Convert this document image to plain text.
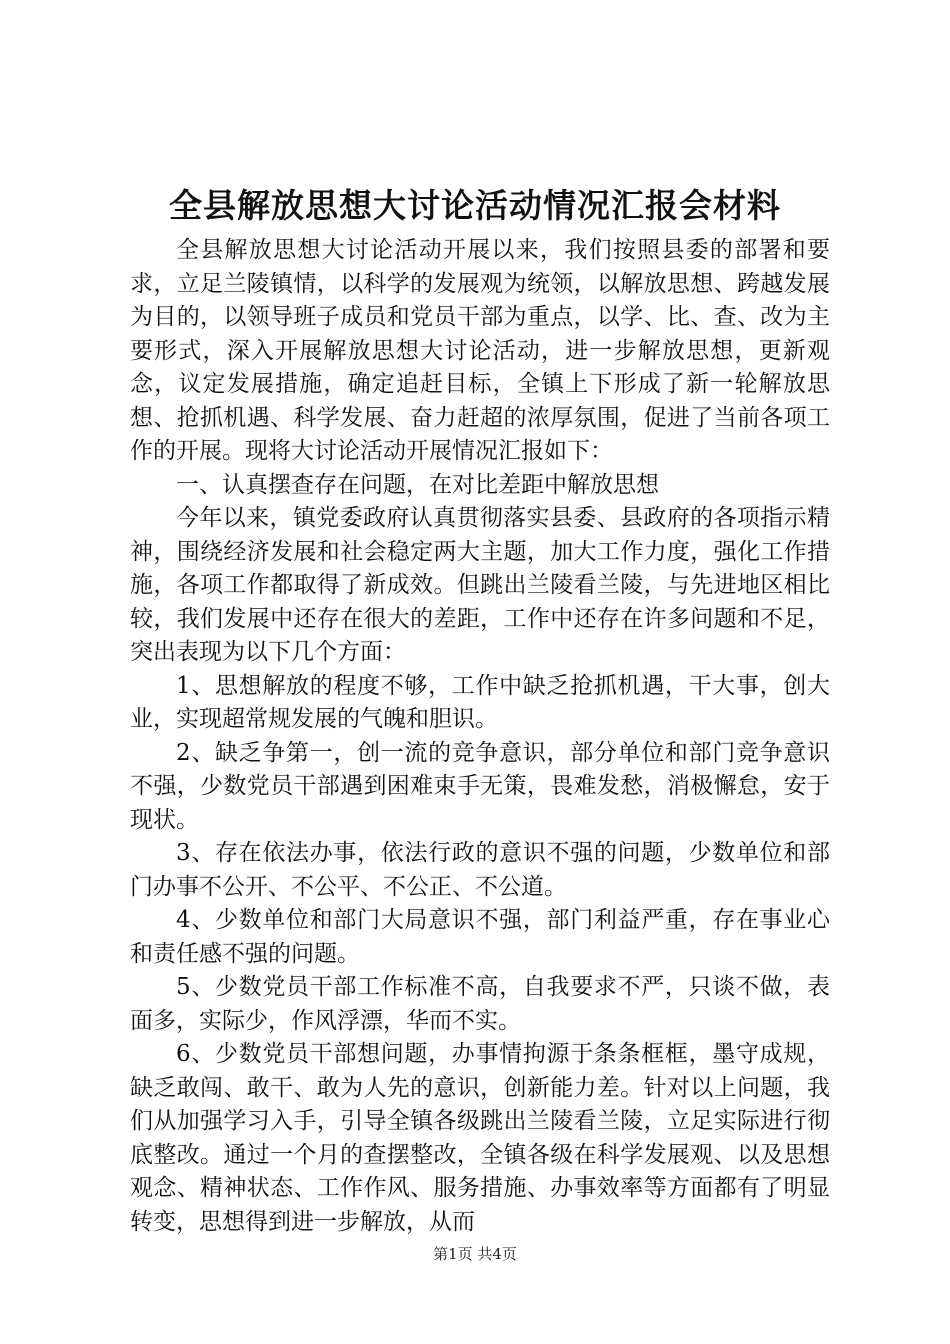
全县解放思想大讨论活动情况汇报会材料

全县解放思想大讨论活动开展以来，我们按照县委的部署和要求，立足兰陵镇情，以科学的发展观为统领，以解放思想、跨越发展为目的，以领导班子成员和党员干部为重点，以学、比、查、改为主要形式，深入开展解放思想大讨论活动，进一步解放思想，更新观念，议定发展措施，确定追赶目标，全镇上下形成了新一轮解放思想、抢抓机遇、科学发展、奋力赶超的浓厚氛围，促进了当前各项工作的开展。现将大讨论活动开展情况汇报如下：

一、认真摆查存在问题，在对比差距中解放思想

今年以来，镇党委政府认真贯彻落实县委、县政府的各项指示精神，围绕经济发展和社会稳定两大主题，加大工作力度，强化工作措施，各项工作都取得了新成效。但跳出兰陵看兰陵，与先进地区相比较，我们发展中还存在很大的差距，工作中还存在许多问题和不足，突出表现为以下几个方面：

1、思想解放的程度不够，工作中缺乏抢抓机遇，干大事，创大业，实现超常规发展的气魄和胆识。

2、缺乏争第一，创一流的竞争意识，部分单位和部门竞争意识不强，少数党员干部遇到困难束手无策，畏难发愁，消极懈怠，安于现状。

3、存在依法办事，依法行政的意识不强的问题，少数单位和部门办事不公开、不公平、不公正、不公道。

4、少数单位和部门大局意识不强，部门利益严重，存在事业心和责任感不强的问题。

5、少数党员干部工作标准不高，自我要求不严，只谈不做，表面多，实际少，作风浮漂，华而不实。

6、少数党员干部想问题，办事情拘源于条条框框，墨守成规，缺乏敢闯、敢干、敢为人先的意识，创新能力差。针对以上问题，我们从加强学习入手，引导全镇各级跳出兰陵看兰陵，立足实际进行彻底整改。通过一个月的查摆整改，全镇各级在科学发展观、以及思想观念、精神状态、工作作风、服务措施、办事效率等方面都有了明显转变，思想得到进一步解放，从而

第1页 共4页
